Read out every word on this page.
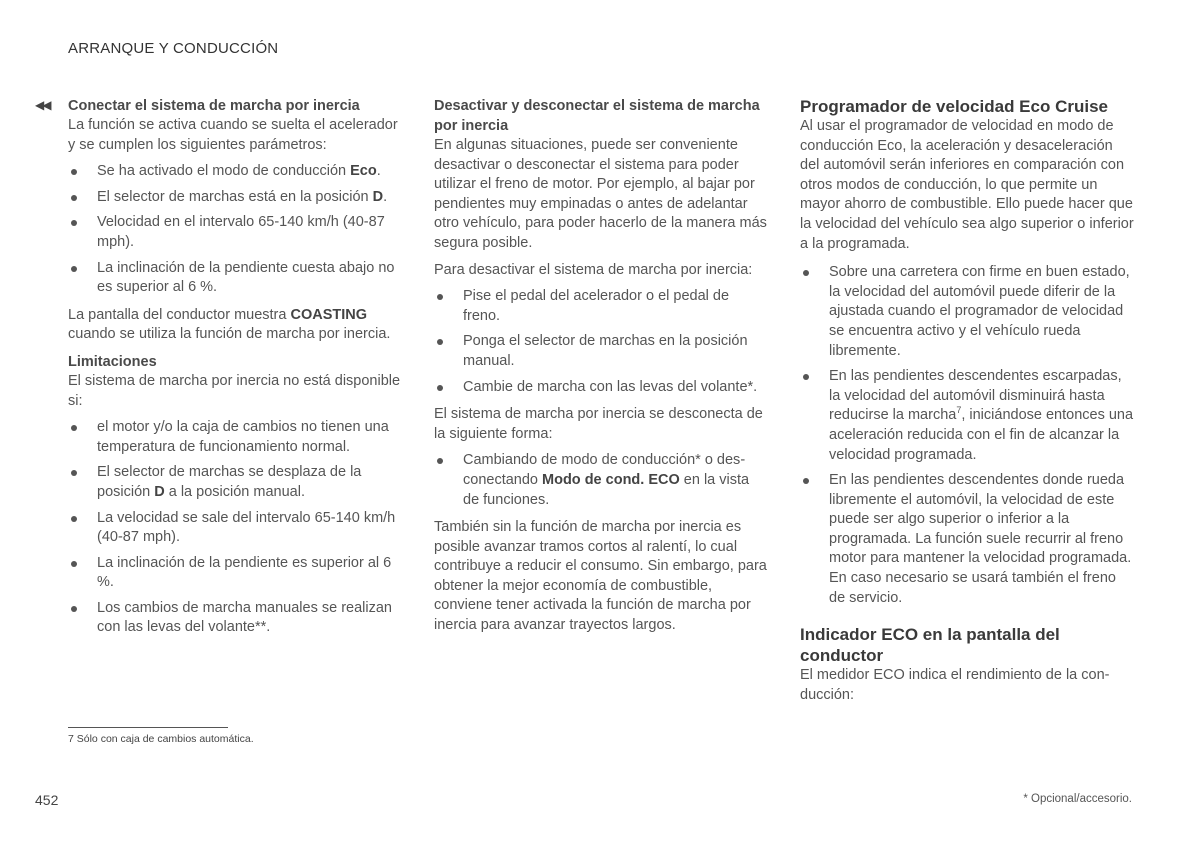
ARRANQUE Y CONDUCCIÓN
◀◀ Conectar el sistema de marcha por inercia

La función se activa cuando se suelta el acelerador y se cumplen los siguientes parámetros:

Se ha activado el modo de conducción Eco.
El selector de marchas está en la posición D.
Velocidad en el intervalo 65-140 km/h (40-87 mph).
La inclinación de la pendiente cuesta abajo no es superior al 6 %.

La pantalla del conductor muestra COASTING cuando se utiliza la función de marcha por inercia.

Limitaciones

El sistema de marcha por inercia no está disponible si:

el motor y/o la caja de cambios no tienen una temperatura de funcionamiento normal.
El selector de marchas se desplaza de la posición D a la posición manual.
La velocidad se sale del intervalo 65-140 km/h (40-87 mph).
La inclinación de la pendiente es superior al 6 %.
Los cambios de marcha manuales se realizan con las levas del volante**.
Desactivar y desconectar el sistema de marcha por inercia

En algunas situaciones, puede ser conveniente desactivar o desconectar el sistema para poder utilizar el freno de motor. Por ejemplo, al bajar por pendientes muy empinadas o antes de adelantar otro vehículo, para poder hacerlo de la manera más segura posible.

Para desactivar el sistema de marcha por inercia:

Pise el pedal del acelerador o el pedal de freno.
Ponga el selector de marchas en la posición manual.
Cambie de marcha con las levas del volante*.

El sistema de marcha por inercia se desconecta de la siguiente forma:

Cambiando de modo de conducción* o desconectando Modo de cond. ECO en la vista de funciones.

También sin la función de marcha por inercia es posible avanzar tramos cortos al ralentí, lo cual contribuye a reducir el consumo. Sin embargo, para obtener la mejor economía de combustible, conviene tener activada la función de marcha por inercia para avanzar trayectos largos.

Programador de velocidad Eco Cruise

Al usar el programador de velocidad en modo de conducción Eco, la aceleración y desaceleración del automóvil serán inferiores en comparación con otros modos de conducción, lo que permite un mayor ahorro de combustible. Ello puede hacer que la velocidad del vehículo sea algo superior o inferior a la programada.

Sobre una carretera con firme en buen estado, la velocidad del automóvil puede diferir de la ajustada cuando el programador de velocidad se encuentra activo y el vehículo rueda libremente.
En las pendientes descendentes escarpadas, la velocidad del automóvil disminuirá hasta reducirse la marcha$^7$, iniciándose entonces una aceleración reducida con el fin de alcanzar la velocidad programada.
En las pendientes descendentes donde rueda libremente el automóvil, la velocidad de este puede ser algo superior o inferior a la programada. La función suele recurrir al freno motor para mantener la velocidad programada. En caso necesario se usará también el freno de servicio.
Indicador ECO en la pantalla del conductor

El medidor ECO indica el rendimiento de la conducción:

7 Sólo con caja de cambios automática.
452	* Opcional/accesorio.
